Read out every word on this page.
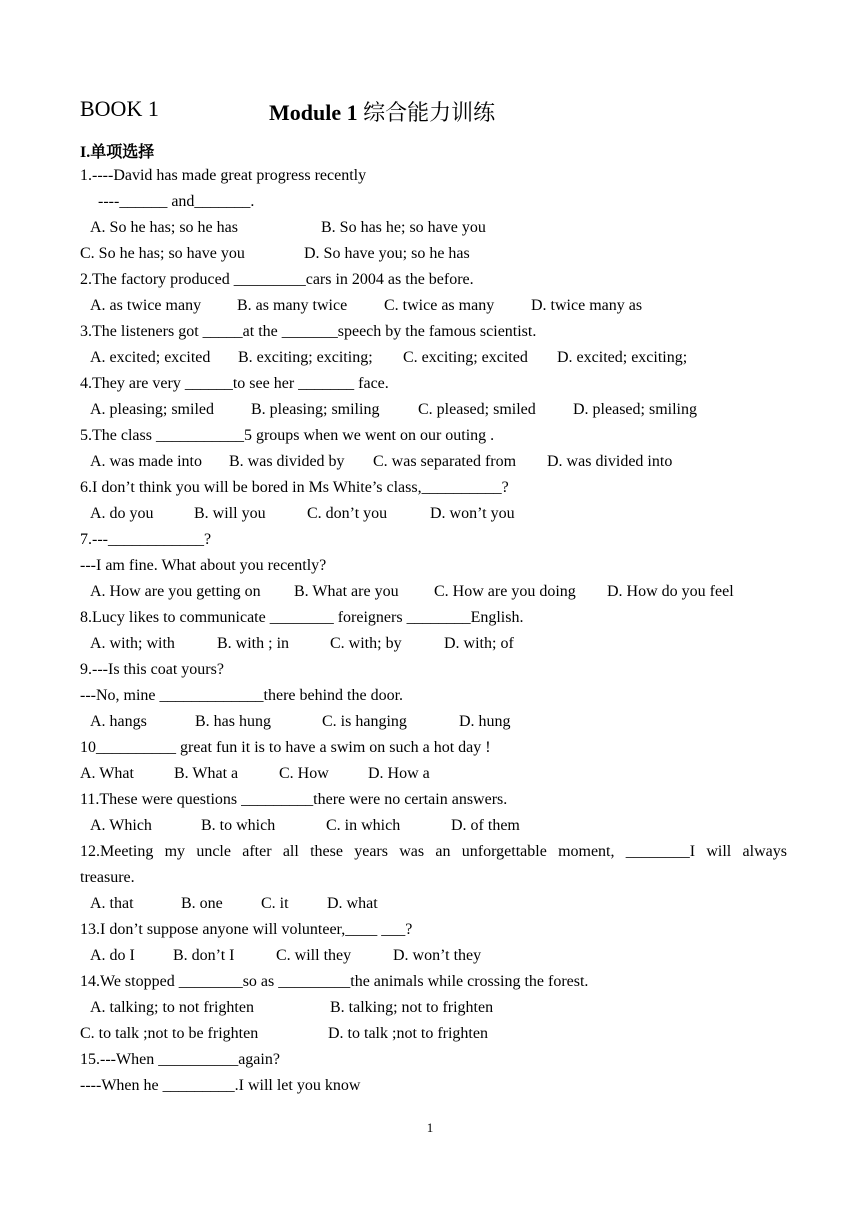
BOOK 1	Module 1 综合能力训练
I.单项选择
1.----David has made great progress recently
----______ and_______.
A. So he has; so he has	B. So has he; so have you
C. So he has; so have you	D. So have you; so he has
2.The factory produced _________cars in 2004 as the before.
A. as twice many	B. as many twice	C. twice as many	D. twice many as
3.The listeners got _____at the _______speech by the famous scientist.
A. excited; excited	B. exciting; exciting;	C. exciting; excited	D. excited; exciting;
4.They are very ______to see her _______ face.
A. pleasing; smiled	B. pleasing; smiling	C. pleased; smiled	D. pleased; smiling
5.The class ___________5 groups when we went on our outing .
A. was made into	B. was divided by	C. was separated from	D. was divided into
6.I don’t think you will be bored in Ms White’s class,__________?
A. do you	B. will you	C. don’t you	D. won’t you
7.---____________?
---I am fine. What about you recently?
A. How are you getting on	B. What are you	C. How are you doing	D. How do you feel
8.Lucy likes to communicate ________ foreigners ________English.
A. with; with	B. with ; in	C. with; by	D. with; of
9.---Is this coat yours?
---No, mine _____________there behind the door.
A. hangs	B. has hung	C. is hanging	D. hung
10__________ great fun it is to have a swim on such a hot day !
A. What	B. What a	C. How	D. How a
11.These were questions _________there were no certain answers.
A. Which	B. to which	C. in which	D. of them
12.Meeting my uncle after all these years was an unforgettable moment, ________I will always
treasure.
A. that	B. one	C. it	D. what
13.I don’t suppose anyone will volunteer,____ ___?
A. do I	B. don’t I	C. will they	D. won’t they
14.We stopped ________so as _________the animals while crossing the forest.
A. talking; to not frighten	B. talking; not to frighten
C. to talk ;not to be frighten	D. to talk ;not to frighten
15.---When __________again?
----When he _________.I will let you know
1
